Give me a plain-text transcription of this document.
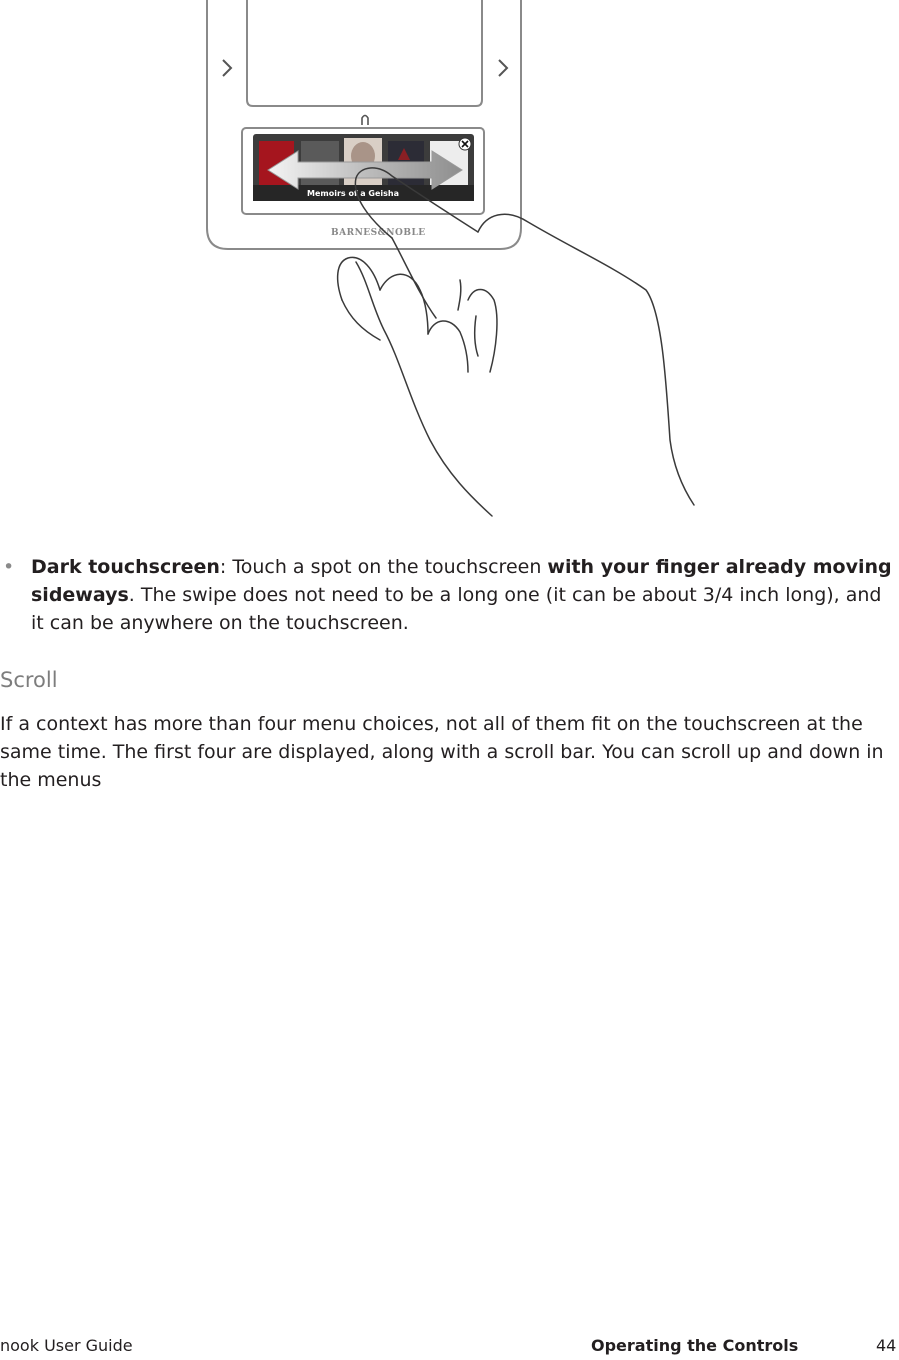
Memoirs of a Geisha
BARNES&NOBLE
• Dark touchscreen: Touch a spot on the touchscreen with your finger already moving sideways. The swipe does not need to be a long one (it can be about 3/4 inch long), and it can be anywhere on the touchscreen.
Scroll

If a context has more than four menu choices, not all of them fit on the touchscreen at the same time. The first four are displayed, along with a scroll bar. You can scroll up and down in the menus

nook User Guide	Operating the Controls	44
